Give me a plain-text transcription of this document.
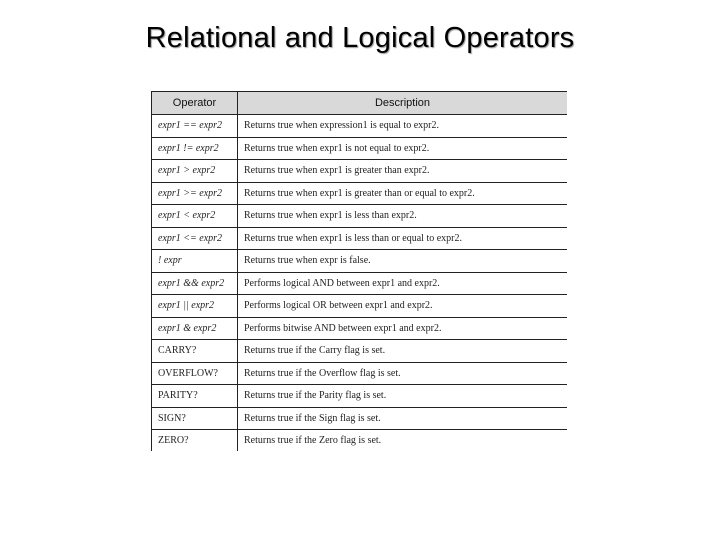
Relational and Logical Operators
Operator	Description
expr1 == expr2	Returns true when expression1 is equal to expr2.
expr1 != expr2	Returns true when expr1 is not equal to expr2.
expr1 > expr2	Returns true when expr1 is greater than expr2.
expr1 >= expr2	Returns true when expr1 is greater than or equal to expr2.
expr1 < expr2	Returns true when expr1 is less than expr2.
expr1 <= expr2	Returns true when expr1 is less than or equal to expr2.
! expr	Returns true when expr is false.
expr1 && expr2	Performs logical AND between expr1 and expr2.
expr1 || expr2	Performs logical OR between expr1 and expr2.
expr1 & expr2	Performs bitwise AND between expr1 and expr2.
CARRY?	Returns true if the Carry flag is set.
OVERFLOW?	Returns true if the Overflow flag is set.
PARITY?	Returns true if the Parity flag is set.
SIGN?	Returns true if the Sign flag is set.
ZERO?	Returns true if the Zero flag is set.
